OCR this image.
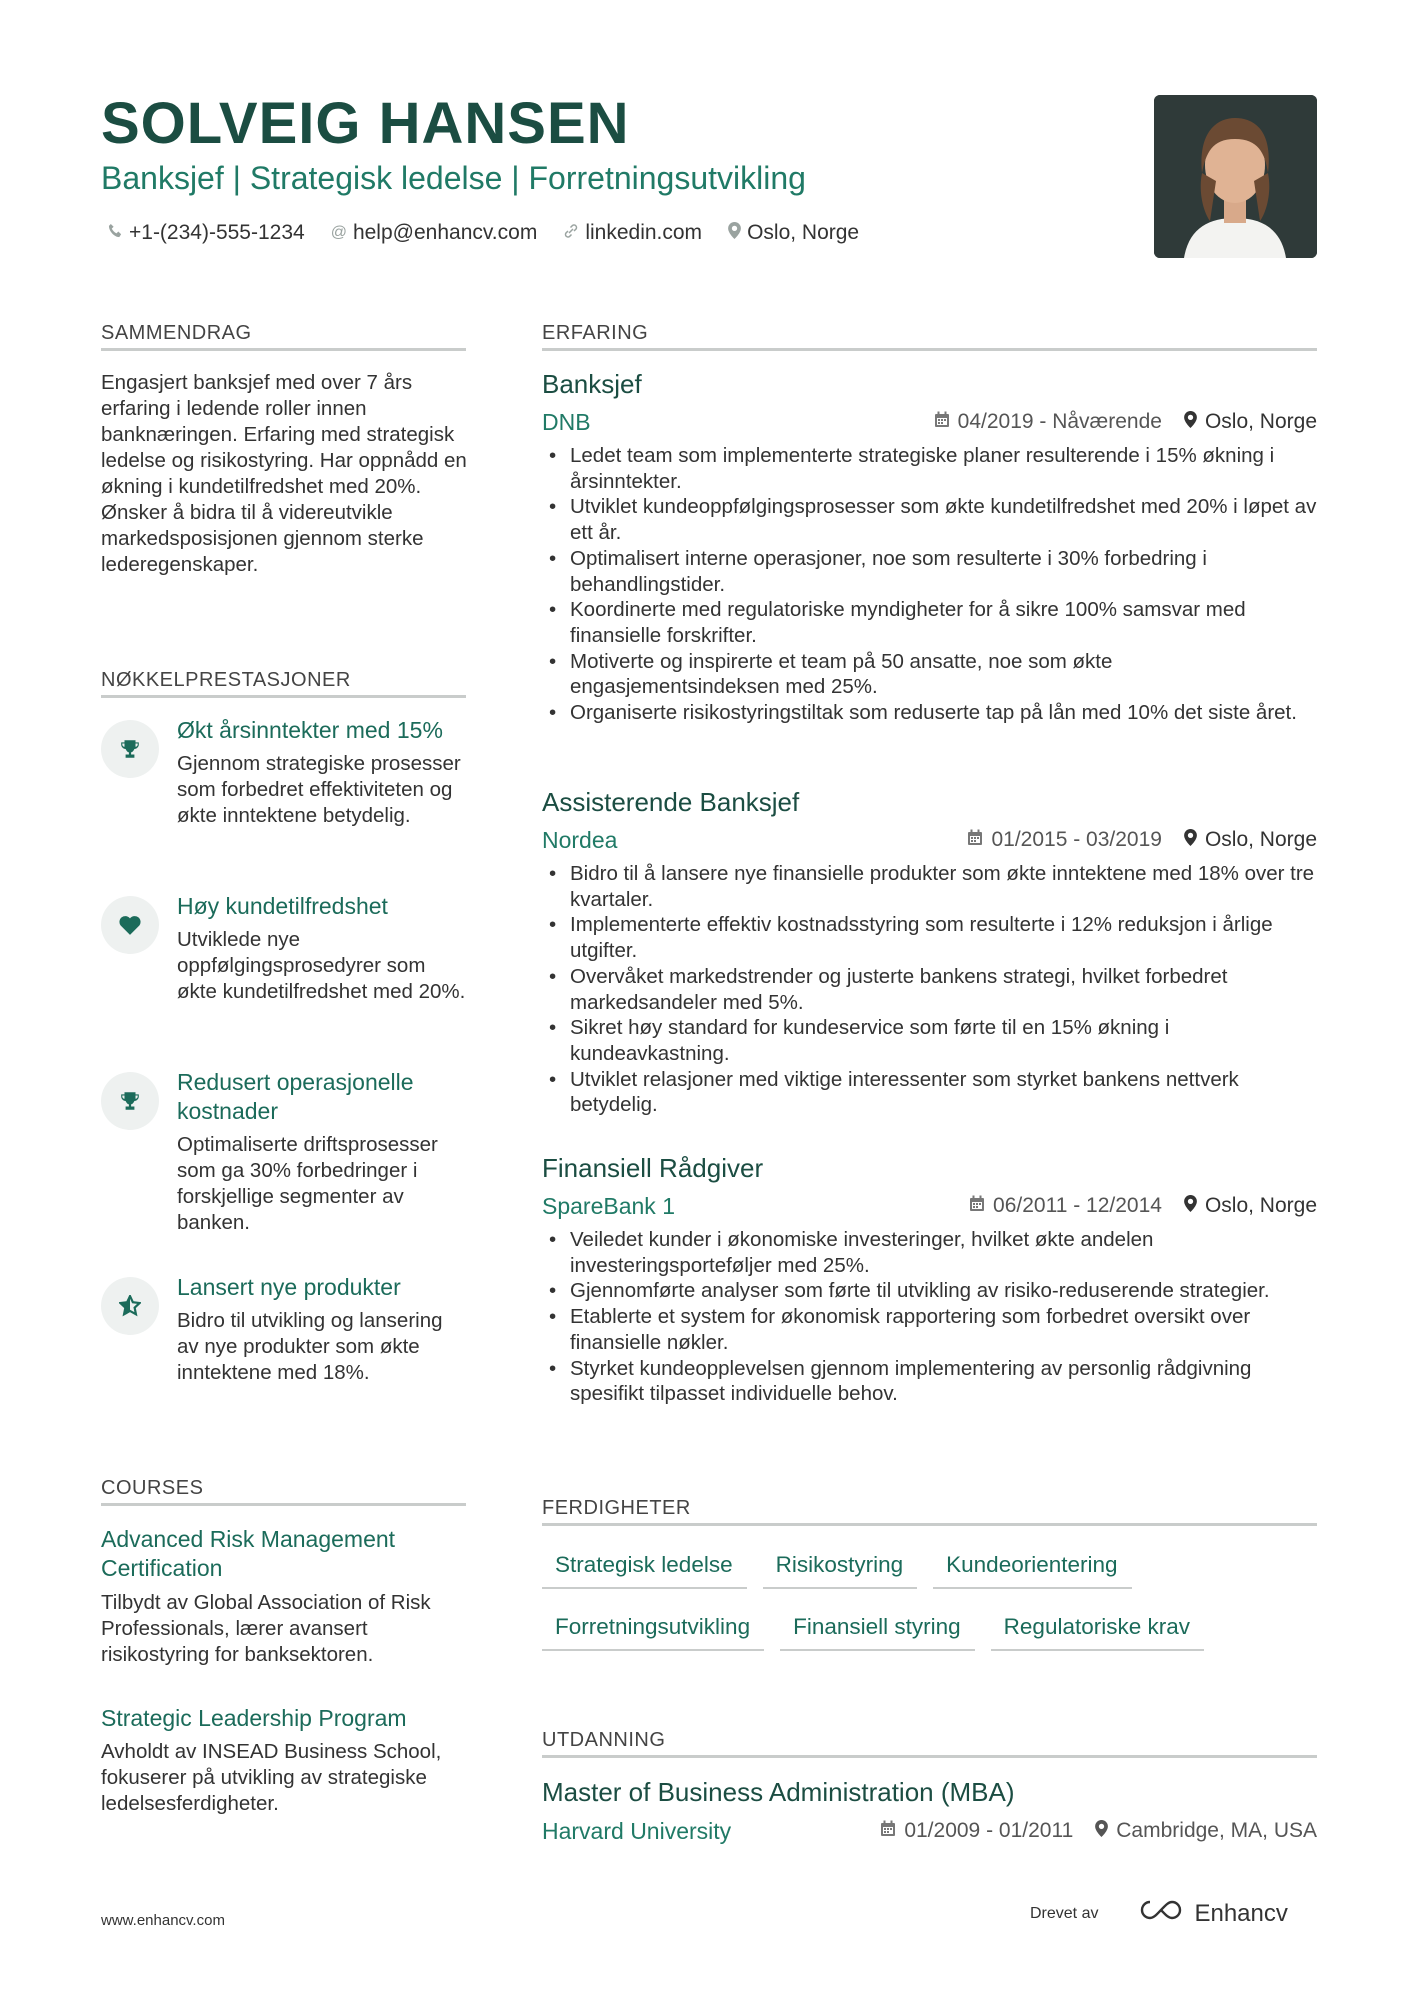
SOLVEIG HANSEN
Banksjef | Strategisk ledelse | Forretningsutvikling
+1-(234)-555-1234 @ help@enhancv.com linkedin.com Oslo, Norge
SAMMENDRAG
Engasjert banksjef med over 7 års erfaring i ledende roller innen banknæringen. Erfaring med strategisk ledelse og risikostyring. Har oppnådd en økning i kundetilfredshet med 20%. Ønsker å bidra til å videreutvikle markedsposisjonen gjennom sterke lederegenskaper.
NØKKELPRESTASJONER
Økt årsinntekter med 15%
Gjennom strategiske prosesser som forbedret effektiviteten og økte inntektene betydelig.
Høy kundetilfredshet
Utviklede nye oppfølgingsprosedyrer som økte kundetilfredshet med 20%.
Redusert operasjonelle kostnader
Optimaliserte driftsprosesser som ga 30% forbedringer i forskjellige segmenter av banken.
Lansert nye produkter
Bidro til utvikling og lansering av nye produkter som økte inntektene med 18%.
COURSES
Advanced Risk Management Certification
Tilbydt av Global Association of Risk Professionals, lærer avansert risikostyring for banksektoren.
Strategic Leadership Program
Avholdt av INSEAD Business School, fokuserer på utvikling av strategiske ledelsesferdigheter.
ERFARING
Banksjef
DNB	04/2019 - Nåværende Oslo, Norge
• Ledet team som implementerte strategiske planer resulterende i 15% økning i årsinntekter.
• Utviklet kundeoppfølgingsprosesser som økte kundetilfredshet med 20% i løpet av ett år.
• Optimalisert interne operasjoner, noe som resulterte i 30% forbedring i behandlingstider.
• Koordinerte med regulatoriske myndigheter for å sikre 100% samsvar med finansielle forskrifter.
• Motiverte og inspirerte et team på 50 ansatte, noe som økte engasjementsindeksen med 25%.
• Organiserte risikostyringstiltak som reduserte tap på lån med 10% det siste året.
Assisterende Banksjef
Nordea	01/2015 - 03/2019 Oslo, Norge
• Bidro til å lansere nye finansielle produkter som økte inntektene med 18% over tre kvartaler.
• Implementerte effektiv kostnadsstyring som resulterte i 12% reduksjon i årlige utgifter.
• Overvåket markedstrender og justerte bankens strategi, hvilket forbedret markedsandeler med 5%.
• Sikret høy standard for kundeservice som førte til en 15% økning i kundeavkastning.
• Utviklet relasjoner med viktige interessenter som styrket bankens nettverk betydelig.
Finansiell Rådgiver
SpareBank 1	06/2011 - 12/2014 Oslo, Norge
• Veiledet kunder i økonomiske investeringer, hvilket økte andelen investeringsporteføljer med 25%.
• Gjennomførte analyser som førte til utvikling av risiko-reduserende strategier.
• Etablerte et system for økonomisk rapportering som forbedret oversikt over finansielle nøkler.
• Styrket kundeopplevelsen gjennom implementering av personlig rådgivning spesifikt tilpasset individuelle behov.
FERDIGHETER
Strategisk ledelse	Risikostyring	Kundeorientering
Forretningsutvikling	Finansiell styring	Regulatoriske krav
UTDANNING
Master of Business Administration (MBA)
Harvard University	01/2009 - 01/2011 Cambridge, MA, USA
www.enhancv.com	Drevet av	Enhancv
